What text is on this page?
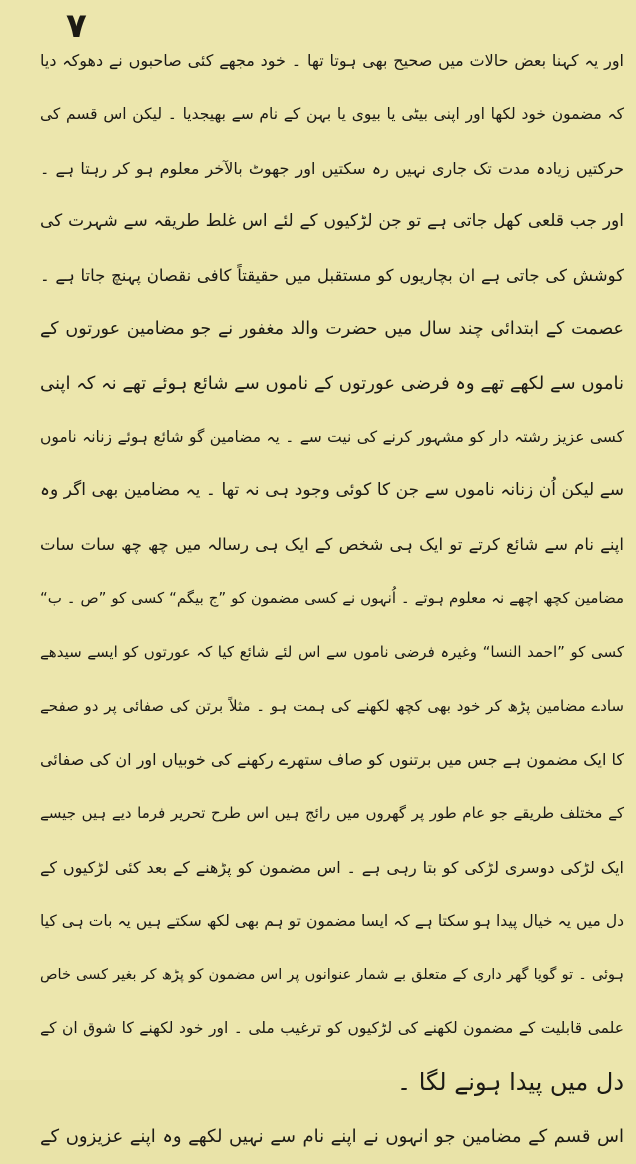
۷
اور یہ کہنا بعض حالات میں صحیح بھی ہوتا تھا ۔ خود مجھے کئی صاحبوں نے دھوکہ دیا
کہ مضمون خود لکھا اور اپنی بیٹی یا بیوی یا بہن کے نام سے بھیجدیا ۔ لیکن اس قسم کی
حرکتیں زیادہ مدت تک جاری نہیں رہ سکتیں اور جھوٹ بالآخر معلوم ہو کر رہتا ہے ۔
اور جب قلعی کھل جاتی ہے تو جن لڑکیوں کے لئے اس غلط طریقہ سے شہرت کی
کوشش کی جاتی ہے ان بچاریوں کو مستقبل میں حقیقتاً کافی نقصان پہنچ جاتا ہے ۔
عصمت کے ابتدائی چند سال میں حضرت والد مغفور نے جو مضامین عورتوں کے
ناموں سے لکھے تھے وہ فرضی عورتوں کے ناموں سے شائع ہوئے تھے نہ کہ اپنی
کسی عزیز رشتہ دار کو مشہور کرنے کی نیت سے ۔ یہ مضامین گو شائع ہوئے زنانہ ناموں
سے لیکن اُن زنانہ ناموں سے جن کا کوئی وجود ہی نہ تھا ۔ یہ مضامین بھی اگر وہ
اپنے نام سے شائع کرتے تو ایک ہی شخص کے ایک ہی رسالہ میں چھ چھ سات سات
مضامین کچھ اچھے نہ معلوم ہوتے ۔ اُنہوں نے کسی مضمون کو ”ج بیگم“ کسی کو ”ص ۔ ب“
کسی کو ”احمد النسا“ وغیرہ فرضی ناموں سے اس لئے شائع کیا کہ عورتوں کو ایسے سیدھے
سادے مضامین پڑھ کر خود بھی کچھ لکھنے کی ہمت ہو ۔ مثلاً برتن کی صفائی پر دو صفحے
کا ایک مضمون ہے جس میں برتنوں کو صاف ستھرے رکھنے کی خوبیاں اور ان کی صفائی
کے مختلف طریقے جو عام طور پر گھروں میں رائج ہیں اس طرح تحریر فرما دیے ہیں جیسے
ایک لڑکی دوسری لڑکی کو بتا رہی ہے ۔ اس مضمون کو پڑھنے کے بعد کئی لڑکیوں کے
دل میں یہ خیال پیدا ہو سکتا ہے کہ ایسا مضمون تو ہم بھی لکھ سکتے ہیں یہ بات ہی کیا
ہوئی ۔ تو گویا گھر داری کے متعلق بے شمار عنوانوں پر اس مضمون کو پڑھ کر بغیر کسی خاص
علمی قابلیت کے مضمون لکھنے کی لڑکیوں کو ترغیب ملی ۔ اور خود لکھنے کا شوق ان کے
دل میں پیدا ہونے لگا ۔
اس قسم کے مضامین جو انہوں نے اپنے نام سے نہیں لکھے وہ اپنے عزیزوں کے
